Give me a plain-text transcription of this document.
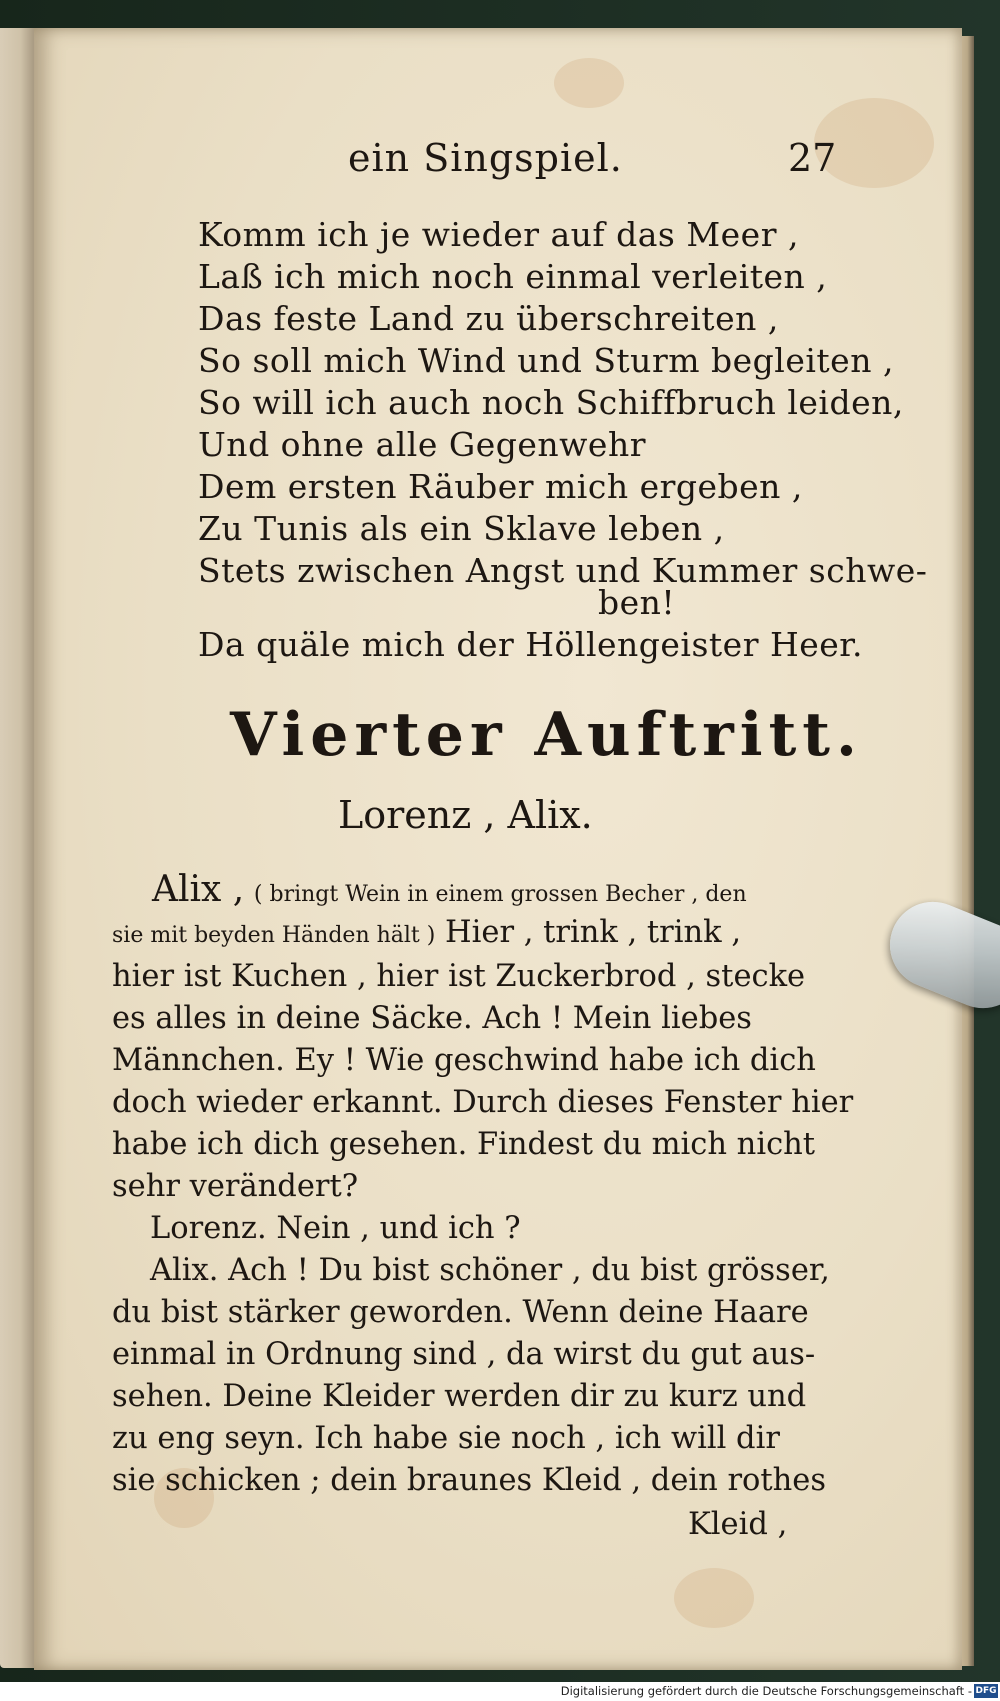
ein Singspiel.	27
Komm ich je wieder auf das Meer ,
Laß ich mich noch einmal verleiten ,
Das feste Land zu überschreiten ,
So soll mich Wind und Sturm begleiten ,
So will ich auch noch Schiffbruch leiden,
Und ohne alle Gegenwehr
Dem ersten Räuber mich ergeben ,
Zu Tunis als ein Sklave leben ,
Stets zwischen Angst und Kummer schwe-
ben!
Da quäle mich der Höllengeister Heer.
Vierter Auftritt.
Lorenz , Alix.
Alix , ( bringt Wein in einem grossen Becher , den
sie mit beyden Händen hält ) Hier , trink , trink ,
hier ist Kuchen , hier ist Zuckerbrod , stecke
es alles in deine Säcke. Ach ! Mein liebes
Männchen. Ey ! Wie geschwind habe ich dich
doch wieder erkannt. Durch dieses Fenster hier
habe ich dich gesehen. Findest du mich nicht
sehr verändert?
Lorenz. Nein , und ich ?
Alix. Ach ! Du bist schöner , du bist grösser,
du bist stärker geworden. Wenn deine Haare
einmal in Ordnung sind , da wirst du gut aus-
sehen. Deine Kleider werden dir zu kurz und
zu eng seyn. Ich habe sie noch , ich will dir
sie schicken ; dein braunes Kleid , dein rothes
Kleid ,
Digitalisierung gefördert durch die Deutsche Forschungsgemeinschaft - DFG
